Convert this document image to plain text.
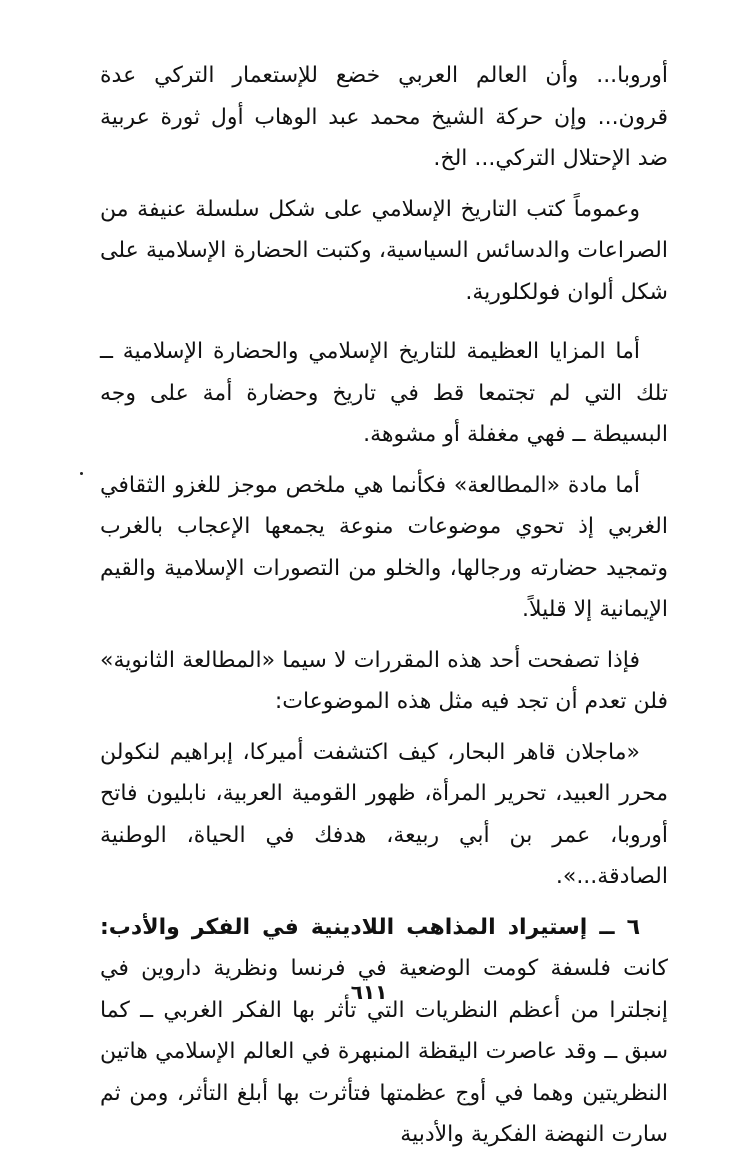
أوروبا... وأن العالم العربي خضع للإستعمار التركي عدة قرون... وإن حركة الشيخ محمد عبد الوهاب أول ثورة عربية ضد الإحتلال التركي... الخ.

وعموماً كتب التاريخ الإسلامي على شكل سلسلة عنيفة من الصراعات والدسائس السياسية، وكتبت الحضارة الإسلامية على شكل ألوان فولكلورية.

أما المزايا العظيمة للتاريخ الإسلامي والحضارة الإسلامية ــ تلك التي لم تجتمعا قط في تاريخ وحضارة أمة على وجه البسيطة ــ فهي مغفلة أو مشوهة.

أما مادة «المطالعة» فكأنما هي ملخص موجز للغزو الثقافي الغربي إذ تحوي موضوعات منوعة يجمعها الإعجاب بالغرب وتمجيد حضارته ورجالها، والخلو من التصورات الإسلامية والقيم الإيمانية إلا قليلاً.

فإذا تصفحت أحد هذه المقررات لا سيما «المطالعة الثانوية» فلن تعدم أن تجد فيه مثل هذه الموضوعات:

«ماجلان قاهر البحار، كيف اكتشفت أميركا، إبراهيم لنكولن محرر العبيد، تحرير المرأة، ظهور القومية العربية، نابليون فاتح أوروبا، عمر بن أبي ربيعة، هدفك في الحياة، الوطنية الصادقة...».

٦ ــ إستيراد المذاهب اللادينية في الفكر والأدب: كانت فلسفة كومت الوضعية في فرنسا ونظرية داروين في إنجلترا من أعظم النظريات التي تأثر بها الفكر الغربي ــ كما سبق ــ وقد عاصرت اليقظة المنبهرة في العالم الإسلامي هاتين النظريتين وهما في أوج عظمتها فتأثرت بها أبلغ التأثر، ومن ثم سارت النهضة الفكرية والأدبية

٦١١
